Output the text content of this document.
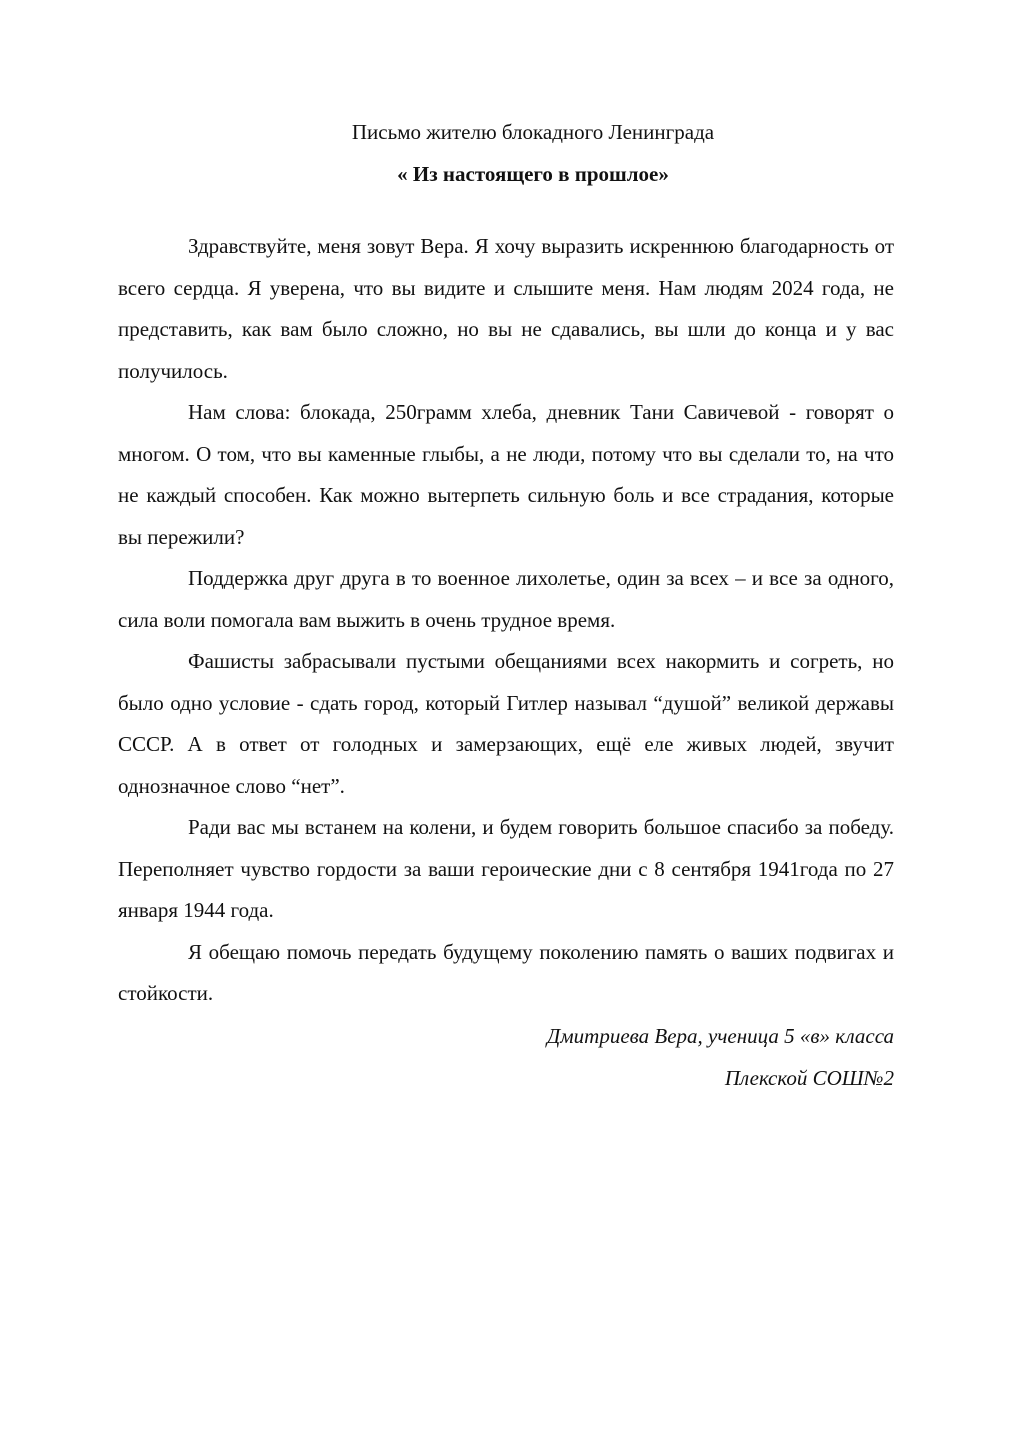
Письмо жителю блокадного Ленинграда
« Из настоящего в прошлое»

Здравствуйте, меня зовут Вера. Я хочу выразить искреннюю благодарность от всего сердца. Я уверена, что вы видите и слышите меня. Нам людям 2024 года, не представить, как вам было сложно, но вы не сдавались, вы шли до конца и у вас получилось.

Нам слова: блокада, 250грамм хлеба, дневник Тани Савичевой - говорят о многом. О том, что вы каменные глыбы, а не люди, потому что вы сделали то, на что не каждый способен. Как можно вытерпеть сильную боль и все страдания, которые вы пережили?

Поддержка друг друга в то военное лихолетье, один за всех – и все за одного, сила воли помогала вам выжить в очень трудное время.

Фашисты забрасывали пустыми обещаниями всех накормить и согреть, но было одно условие - сдать город, который Гитлер называл “душой” великой державы СССР. А в ответ от голодных и замерзающих, ещё еле живых людей, звучит однозначное слово “нет”.

Ради вас мы встанем на колени, и будем говорить большое спасибо за победу. Переполняет чувство гордости за ваши героические дни с 8 сентября 1941года по 27 января 1944 года.

Я обещаю помочь передать будущему поколению память о ваших подвигах и стойкости.

Дмитриева Вера, ученица 5 «в» класса
Плекской СОШ№2
